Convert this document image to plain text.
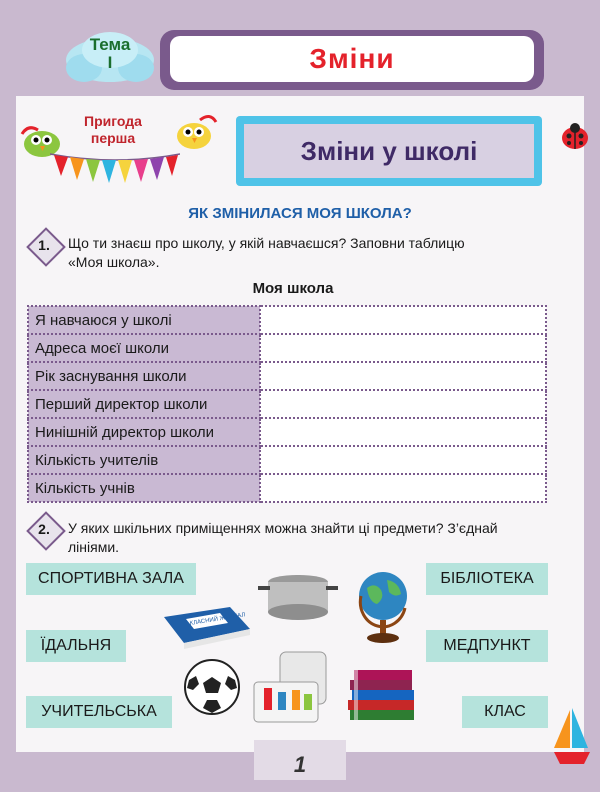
Тема
I	Зміни
Пригода
перша	Зміни у школі
ЯК ЗМІНИЛАСЯ МОЯ ШКОЛА?
1.	Що ти знаєш про школу, у якій навчаєшся? Заповни таблицю
«Моя школа».
Моя школа
Я навчаюся у школі	
Адреса моєї школи	
Рік заснування школи	
Перший директор школи	
Нинішній директор школи	
Кількість учителів	
Кількість учнів	
2.	У яких шкільних приміщеннях можна знайти ці предмети? З’єднай
лініями.
СПОРТИВНА ЗАЛА
ЇДАЛЬНЯ
УЧИТЕЛЬСЬКА
БІБЛІОТЕКА
МЕДПУНКТ
КЛАС
КЛАСНИЙ ЖУРНАЛ
1
